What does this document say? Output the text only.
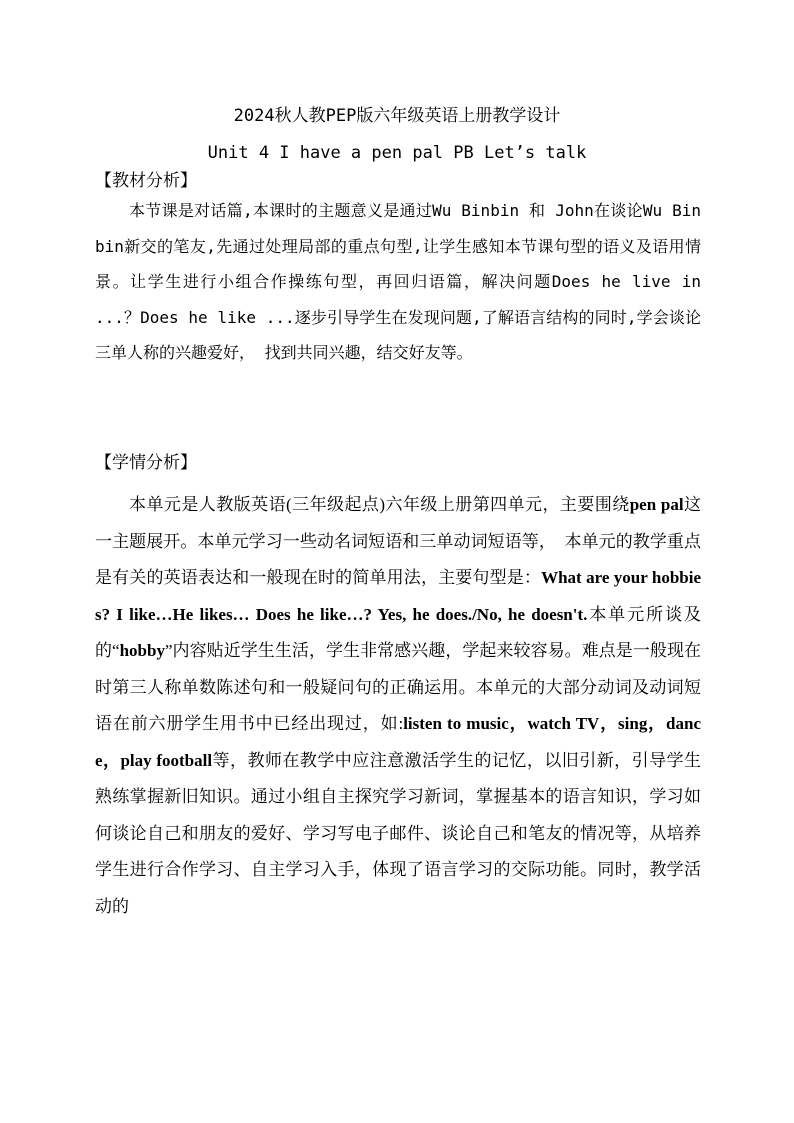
2024秋人教PEP版六年级英语上册教学设计
Unit 4 I have a pen pal PB Let’s talk
【教材分析】
本节课是对话篇,本课时的主题意义是通过Wu Binbin 和 John在谈论Wu Binbin新交的笔友,先通过处理局部的重点句型,让学生感知本节课句型的语义及语用情景。让学生进行小组合作操练句型，再回归语篇，解决问题Does he live in ...？Does he like ...逐步引导学生在发现问题,了解语言结构的同时,学会谈论三单人称的兴趣爱好， 找到共同兴趣，结交好友等。
【学情分析】
本单元是人教版英语(三年级起点)六年级上册第四单元，主要围绕pen pal这一主题展开。本单元学习一些动名词短语和三单动词短语等，　本单元的教学重点是有关的英语表达和一般现在时的简单用法，主要句型是：What are your hobbies? I like…He likes… Does he like…? Yes, he does./No, he doesn't.本单元所谈及的“hobby”内容贴近学生生活，学生非常感兴趣，学起来较容易。难点是一般现在时第三人称单数陈述句和一般疑问句的正确运用。本单元的大部分动词及动词短语在前六册学生用书中已经出现过，如:listen to music，watch TV，sing，dance，play football等，教师在教学中应注意激活学生的记忆，以旧引新，引导学生熟练掌握新旧知识。通过小组自主探究学习新词，掌握基本的语言知识，学习如何谈论自己和朋友的爱好、学习写电子邮件、谈论自己和笔友的情况等，从培养学生进行合作学习、自主学习入手，体现了语言学习的交际功能。同时，教学活动的
